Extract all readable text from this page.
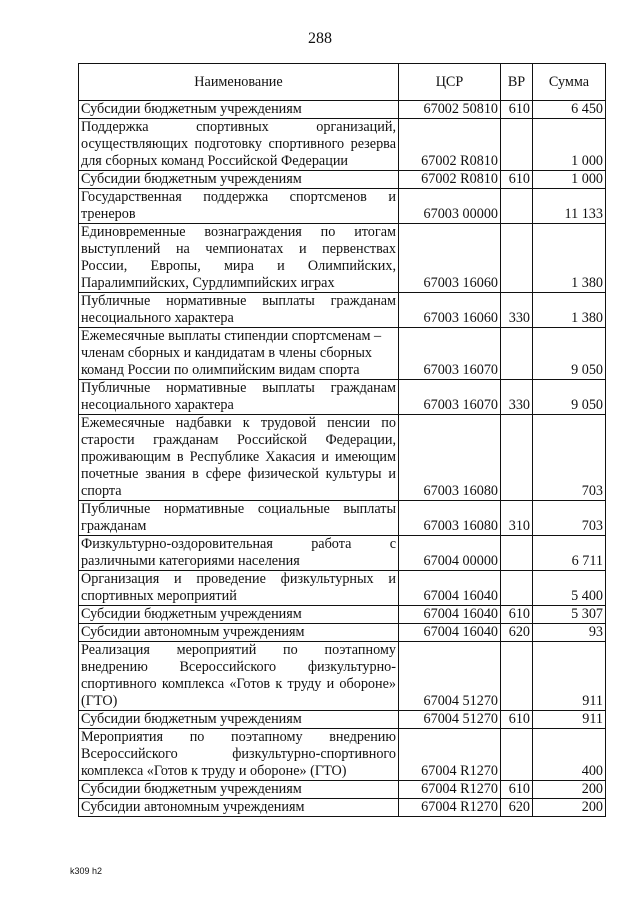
288
Наименование	ЦСР	ВР	Сумма
Субсидии бюджетным учреждениям	67002 50810	610	6 450
Поддержка спортивных организаций, осуществляющих подготовку спортивного резерва для сборных команд Российской Федерации	67002 R0810		1 000
Субсидии бюджетным учреждениям	67002 R0810	610	1 000
Государственная поддержка спортсменов и тренеров	67003 00000		11 133
Единовременные вознаграждения по итогам выступлений на чемпионатах и первенствах России, Европы, мира и Олимпийских, Паралимпийских, Сурдлимпийских играх	67003 16060		1 380
Публичные нормативные выплаты гражданам несоциального характера	67003 16060	330	1 380
Ежемесячные выплаты стипендии спортсменам – членам сборных и кандидатам в члены сборных команд России по олимпийским видам спорта	67003 16070		9 050
Публичные нормативные выплаты гражданам несоциального характера	67003 16070	330	9 050
Ежемесячные надбавки к трудовой пенсии по старости гражданам Российской Федерации, проживающим в Республике Хакасия и имеющим почетные звания в сфере физической культуры и спорта	67003 16080		703
Публичные нормативные социальные выплаты гражданам	67003 16080	310	703
Физкультурно-оздоровительная работа с различными категориями населения	67004 00000		6 711
Организация и проведение физкультурных и спортивных мероприятий	67004 16040		5 400
Субсидии бюджетным учреждениям	67004 16040	610	5 307
Субсидии автономным учреждениям	67004 16040	620	93
Реализация мероприятий по поэтапному внедрению Всероссийского физкультурно-спортивного комплекса «Готов к труду и обороне» (ГТО)	67004 51270		911
Субсидии бюджетным учреждениям	67004 51270	610	911
Мероприятия по поэтапному внедрению Всероссийского физкультурно-спортивного комплекса «Готов к труду и обороне» (ГТО)	67004 R1270		400
Субсидии бюджетным учреждениям	67004 R1270	610	200
Субсидии автономным учреждениям	67004 R1270	620	200
k309 h2
